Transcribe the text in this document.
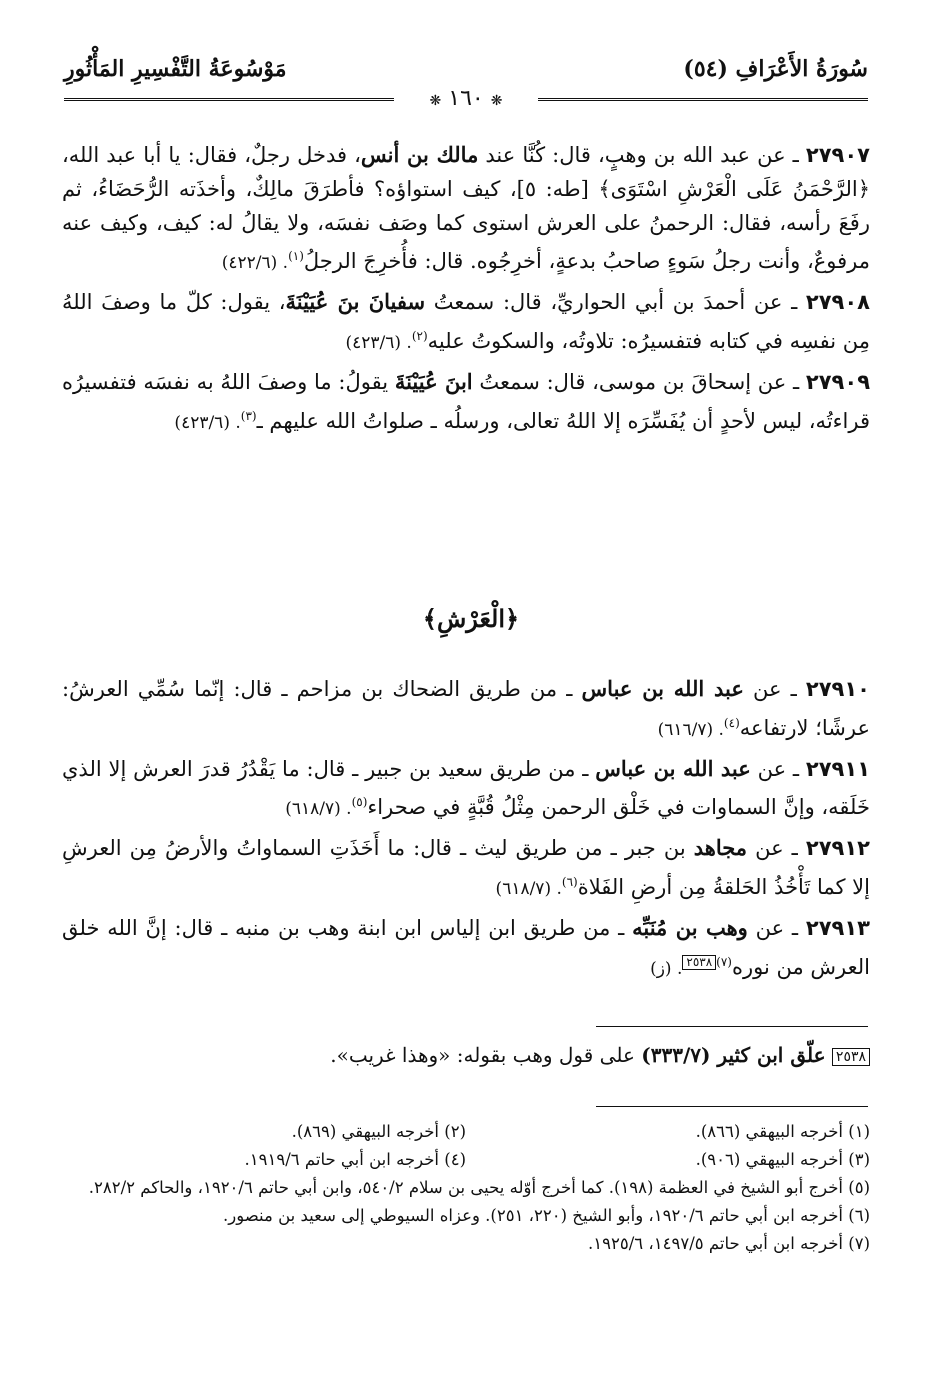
سُورَةُ الأَعْرَافِ (٥٤)
مَوْسُوعَةُ التَّفْسِيرِ المَأْثُورِ
❋ ١٦٠ ❋

٢٧٩٠٧ ـ عن عبد الله بن وهبٍ، قال: كُنَّا عند مالك بن أنس، فدخل رجلٌ، فقال: يا أبا عبد الله، ﴿الرَّحْمَنُ عَلَى الْعَرْشِ اسْتَوَى﴾ [طه: ٥]، كيف استواؤه؟ فأطرَقَ مالِكٌ، وأخذَته الرُّحَضَاءُ، ثم رفَعَ رأسه، فقال: الرحمنُ على العرش استوى كما وصَف نفسَه، ولا يقالُ له: كيف، وكيف عنه مرفوعٌ، وأنت رجلُ سَوءٍ صاحبُ بدعةٍ، أخرِجُوه. قال: فأُخرِجَ الرجلُ$^{(١)}$. (٤٢٢/٦)

٢٧٩٠٨ ـ عن أحمدَ بن أبي الحواريِّ، قال: سمعتُ سفيانَ بنَ عُيَيْنَةَ، يقول: كلّ ما وصفَ اللهُ مِن نفسِه في كتابه فتفسيرُه: تلاوتُه، والسكوتُ عليه$^{(٢)}$. (٤٢٣/٦)

٢٧٩٠٩ ـ عن إسحاقَ بن موسى، قال: سمعتُ ابنَ عُيَيْنَةَ يقولُ: ما وصفَ اللهُ به نفسَه فتفسيرُه قراءتُه، ليس لأحدٍ أن يُفَسِّرَه إلا اللهُ تعالى، ورسلُه ـ صلواتُ الله عليهم ـ$^{(٣)}$. (٤٢٣/٦)

﴿الْعَرْشِ﴾

٢٧٩١٠ ـ عن عبد الله بن عباس ـ من طريق الضحاك بن مزاحم ـ قال: إنّما سُمِّي العرشُ: عرشًا؛ لارتفاعه$^{(٤)}$. (٦١٦/٧)

٢٧٩١١ ـ عن عبد الله بن عباس ـ من طريق سعيد بن جبير ـ قال: ما يَقْدُرُ قدرَ العرش إلا الذي خَلَقه، وإنَّ السماوات في خَلْق الرحمن مِثْلُ قُبَّةٍ في صحراء$^{(٥)}$. (٦١٨/٧)

٢٧٩١٢ ـ عن مجاهد بن جبر ـ من طريق ليث ـ قال: ما أَخَذَتِ السماواتُ والأرضُ مِن العرشِ إلا كما تَأْخُذُ الحَلقةُ مِن أرضِ الفَلاة$^{(٦)}$. (٦١٨/٧)

٢٧٩١٣ ـ عن وهب بن مُنَبِّه ـ من طريق ابن إلياس ابن ابنة وهب بن منبه ـ قال: إنَّ الله خلق العرش من نوره$^{(٧)}$٢٥٣٨. (ز)

٢٥٣٨ علّق ابن كثير (٣٣٣/٧) على قول وهب بقوله: «وهذا غريب».
(١) أخرجه البيهقي (٨٦٦).
(٢) أخرجه البيهقي (٨٦٩).
(٣) أخرجه البيهقي (٩٠٦).
(٤) أخرجه ابن أبي حاتم ١٩١٩/٦.
(٥) أخرج أبو الشيخ في العظمة (١٩٨). كما أخرج أوّله يحيى بن سلام ٥٤٠/٢، وابن أبي حاتم ١٩٢٠/٦، والحاكم ٢٨٢/٢.
(٦) أخرجه ابن أبي حاتم ١٩٢٠/٦، وأبو الشيخ (٢٢٠، ٢٥١). وعزاه السيوطي إلى سعيد بن منصور.
(٧) أخرجه ابن أبي حاتم ١٤٩٧/٥، ١٩٢٥/٦.
